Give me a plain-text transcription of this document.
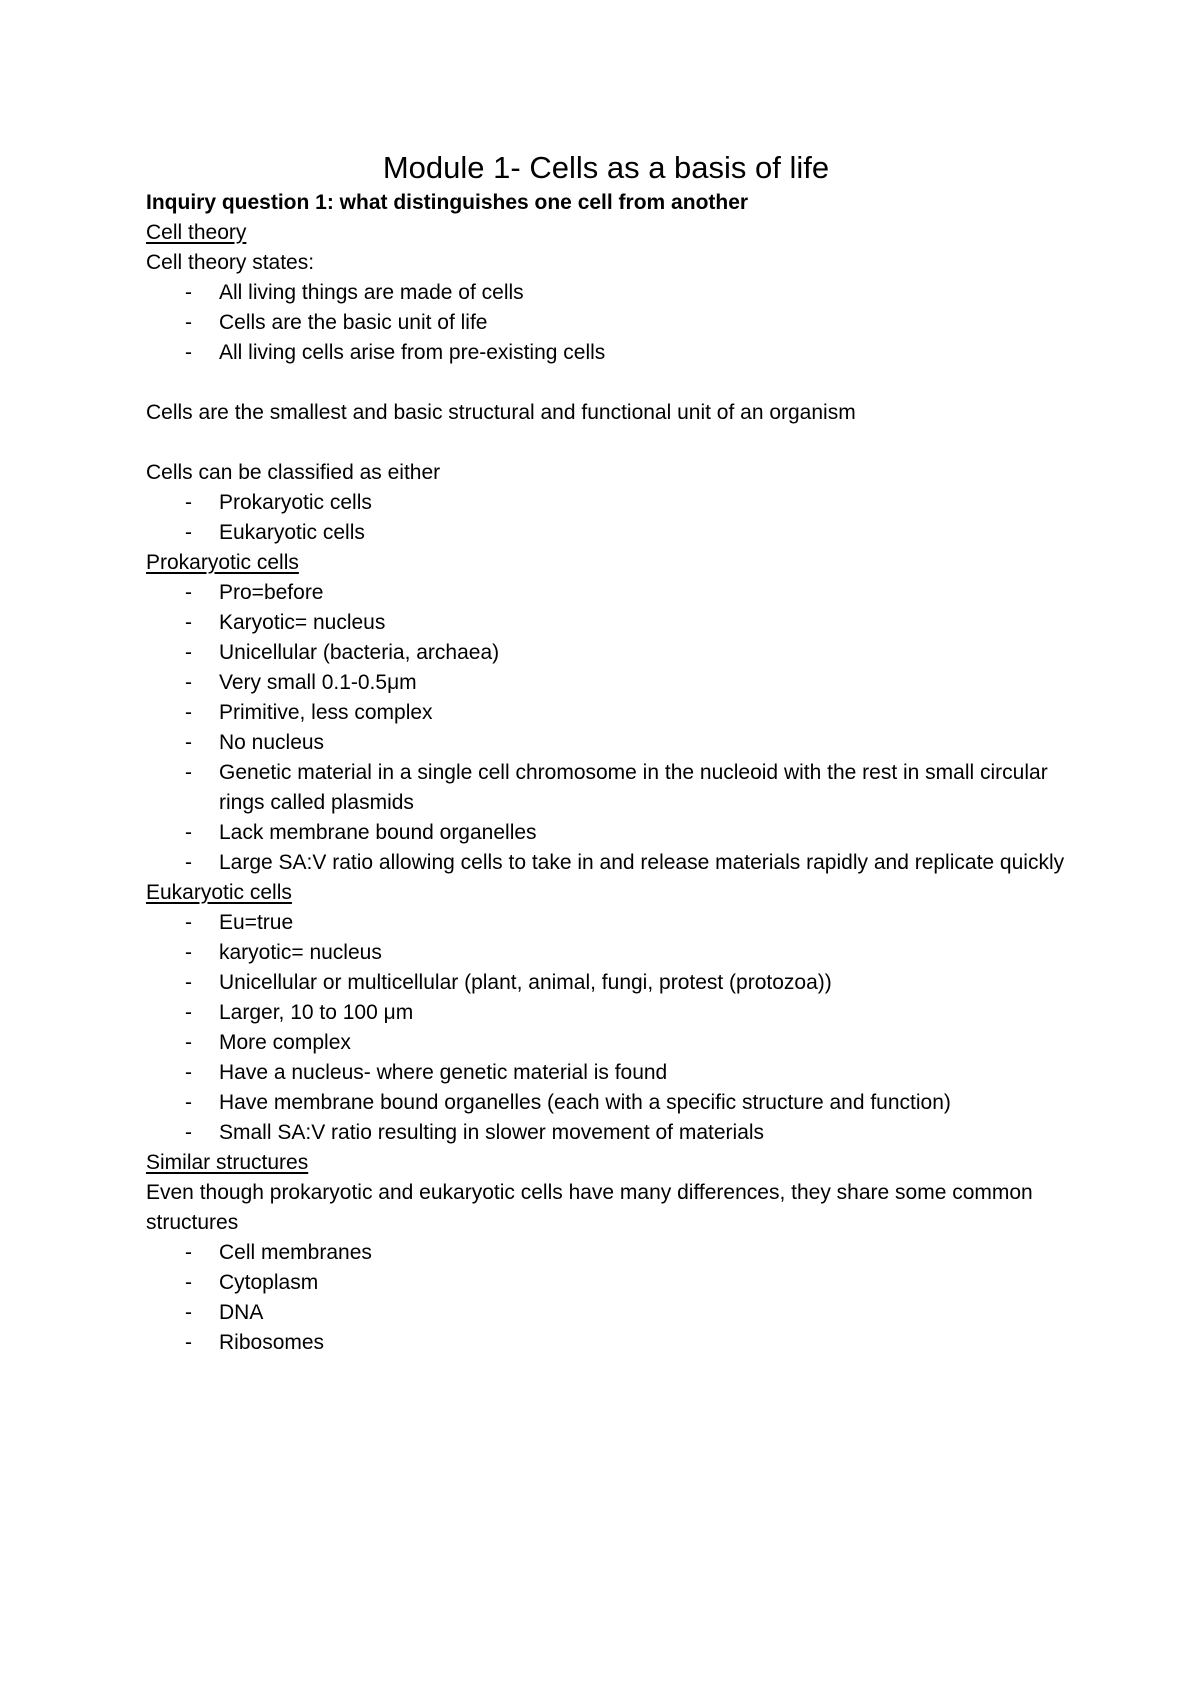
Module 1- Cells as a basis of life

Inquiry question 1: what distinguishes one cell from another

Cell theory

Cell theory states:

- All living things are made of cells
- Cells are the basic unit of life
- All living cells arise from pre-existing cells

Cells are the smallest and basic structural and functional unit of an organism

Cells can be classified as either

- Prokaryotic cells
- Eukaryotic cells

Prokaryotic cells

- Pro=before
- Karyotic= nucleus
- Unicellular (bacteria, archaea)
- Very small 0.1-0.5μm
- Primitive, less complex
- No nucleus
- Genetic material in a single cell chromosome in the nucleoid with the rest in small circular rings called plasmids
- Lack membrane bound organelles
- Large SA:V ratio allowing cells to take in and release materials rapidly and replicate quickly

Eukaryotic cells

- Eu=true
- karyotic= nucleus
- Unicellular or multicellular (plant, animal, fungi, protest (protozoa))
- Larger, 10 to 100 μm
- More complex
- Have a nucleus- where genetic material is found
- Have membrane bound organelles (each with a specific structure and function)
- Small SA:V ratio resulting in slower movement of materials

Similar structures

Even though prokaryotic and eukaryotic cells have many differences, they share some common structures

- Cell membranes
- Cytoplasm
- DNA
- Ribosomes
